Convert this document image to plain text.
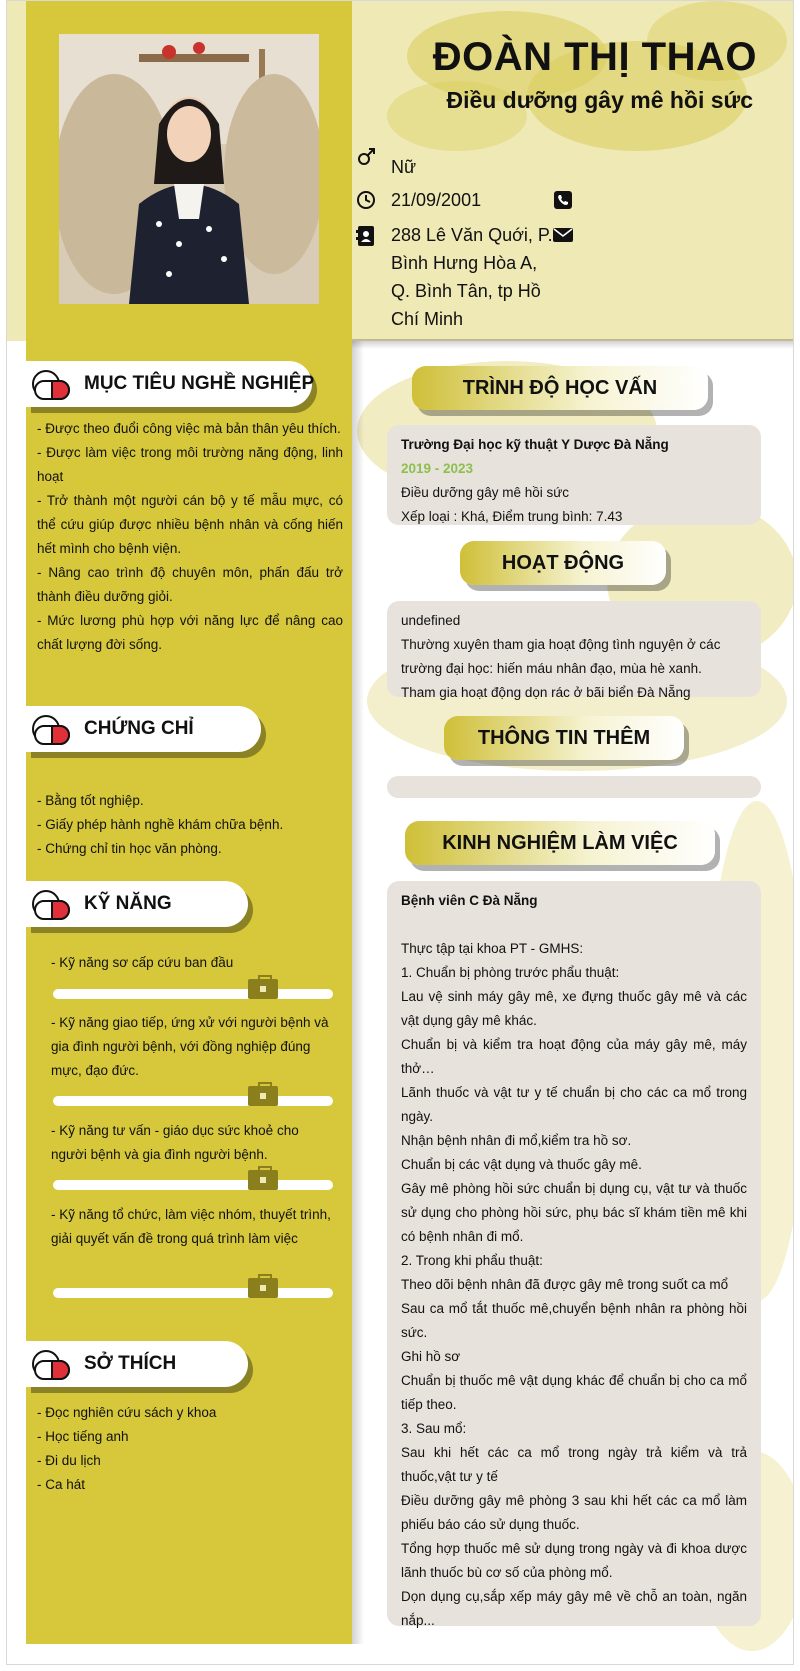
ĐOÀN THỊ THAO
Điều dưỡng gây mê hồi sức
Nữ
21/09/2001
288 Lê Văn Quới, P. Bình Hưng Hòa A, Q. Bình Tân, tp Hồ Chí Minh
MỤC TIÊU NGHỀ NGHIỆP

- Được theo đuổi công việc mà bản thân yêu thích.

- Được làm việc trong môi trường năng động, linh hoạt

- Trở thành một người cán bộ y tế mẫu mực, có thể cứu giúp được nhiều bệnh nhân và cống hiến hết mình cho bệnh viện.

- Nâng cao trình độ chuyên môn, phấn đấu trở thành điều dưỡng giỏi.

- Mức lương phù hợp với năng lực để nâng cao chất lượng đời sống.

CHỨNG CHỈ

- Bằng tốt nghiệp.

- Giấy phép hành nghề khám chữa bệnh.

- Chứng chỉ tin học văn phòng.

KỸ NĂNG
- Kỹ năng sơ cấp cứu ban đầu
- Kỹ năng giao tiếp, ứng xử với người bệnh và gia đình người bệnh, với đồng nghiệp đúng mực, đạo đức.
- Kỹ năng tư vấn - giáo dục sức khoẻ cho người bệnh và gia đình người bệnh.
- Kỹ năng tổ chức, làm việc nhóm, thuyết trình, giải quyết vấn đề trong quá trình làm việc
SỞ THÍCH

- Đọc nghiên cứu sách y khoa

- Học tiếng anh

- Đi du lịch

- Ca hát

TRÌNH ĐỘ HỌC VẤN

Trường Đại học kỹ thuật Y Dược Đà Nẵng

2019 - 2023

Điều dưỡng gây mê hồi sức

Xếp loại : Khá, Điểm trung bình: 7.43

HOẠT ĐỘNG

undefined

Thường xuyên tham gia hoạt động tình nguyện ở các trường đại học: hiến máu nhân đạo, mùa hè xanh.

Tham gia hoạt động dọn rác ở bãi biển Đà Nẵng

THÔNG TIN THÊM
KINH NGHIỆM LÀM VIỆC

Bệnh viên C Đà Nẵng

Thực tập tại khoa PT - GMHS:

1. Chuẩn bị phòng trước phẩu thuật:

Lau vệ sinh máy gây mê, xe đựng thuốc gây mê và các vật dụng gây mê khác.

Chuẩn bị và kiểm tra hoạt động của máy gây mê, máy thở…

Lãnh thuốc và vật tư y tế chuẩn bị cho các ca mổ trong ngày.

Nhận bệnh nhân đi mổ,kiểm tra hồ sơ.

Chuẩn bị các vật dụng và thuốc gây mê.

Gây mê phòng hồi sức chuẩn bị dụng cụ, vật tư và thuốc sử dụng cho phòng hồi sức, phụ bác sĩ khám tiền mê khi có bệnh nhân đi mổ.

2. Trong khi phẩu thuật:

Theo dõi bệnh nhân đã được gây mê trong suốt ca mổ

Sau ca mổ tắt thuốc mê,chuyển bệnh nhân ra phòng hồi sức.

Ghi hồ sơ

Chuẩn bị thuốc mê vật dụng khác để chuẩn bị cho ca mổ tiếp theo.

3. Sau mổ:

Sau khi hết các ca mổ trong ngày trả kiểm và trả thuốc,vật tư y tế

Điều dưỡng gây mê phòng 3 sau khi hết các ca mổ làm phiếu báo cáo sử dụng thuốc.

Tổng hợp thuốc mê sử dụng trong ngày và đi khoa dược lãnh thuốc bù cơ số của phòng mổ.

Dọn dụng cụ,sắp xếp máy gây mê về chỗ an toàn, ngăn nắp...
